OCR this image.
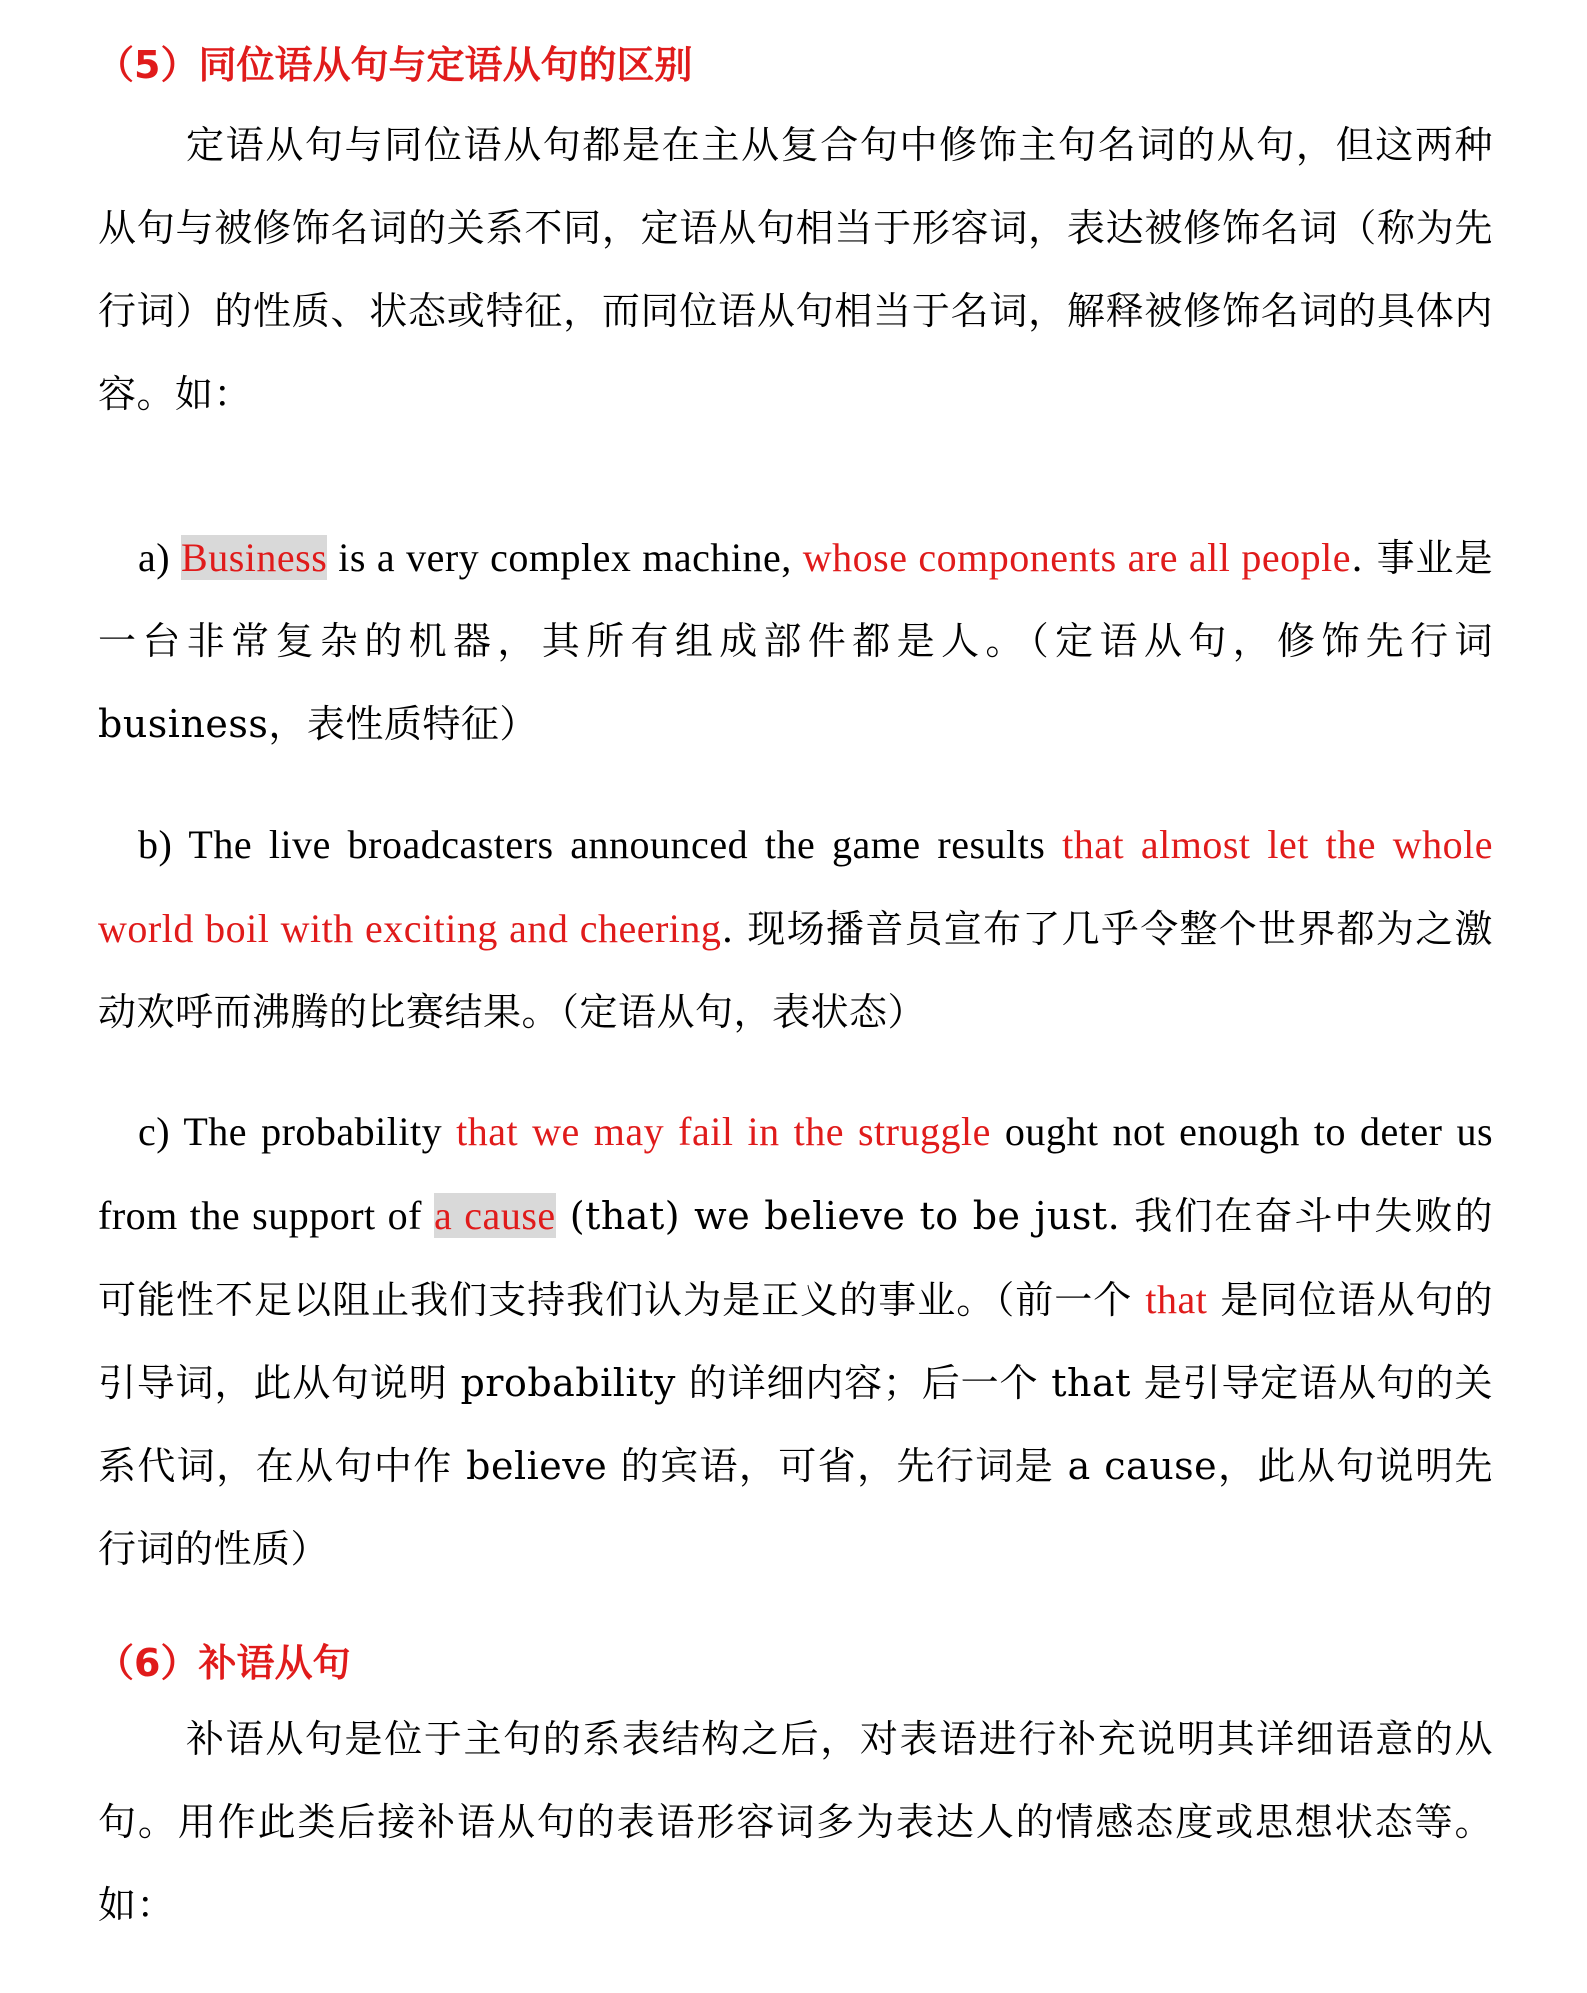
（5）同位语从句与定语从句的区别

定语从句与同位语从句都是在主从复合句中修饰主句名词的从句，但这两种从句与被修饰名词的关系不同，定语从句相当于形容词，表达被修饰名词（称为先行词）的性质、状态或特征，而同位语从句相当于名词，解释被修饰名词的具体内容。如：

a) Business is a very complex machine, whose components are all people. 事业是一台非常复杂的机器，其所有组成部件都是人。（定语从句，修饰先行词 business，表性质特征）

b) The live broadcasters announced the game results that almost let the whole world boil with exciting and cheering. 现场播音员宣布了几乎令整个世界都为之激动欢呼而沸腾的比赛结果。（定语从句，表状态）

c) The probability that we may fail in the struggle ought not enough to deter us from the support of a cause (that) we believe to be just. 我们在奋斗中失败的可能性不足以阻止我们支持我们认为是正义的事业。（前一个 that 是同位语从句的引导词，此从句说明 probability 的详细内容；后一个 that 是引导定语从句的关系代词，在从句中作 believe 的宾语，可省，先行词是 a cause，此从句说明先行词的性质）

（6）补语从句

补语从句是位于主句的系表结构之后，对表语进行补充说明其详细语意的从句。用作此类后接补语从句的表语形容词多为表达人的情感态度或思想状态等。如：
